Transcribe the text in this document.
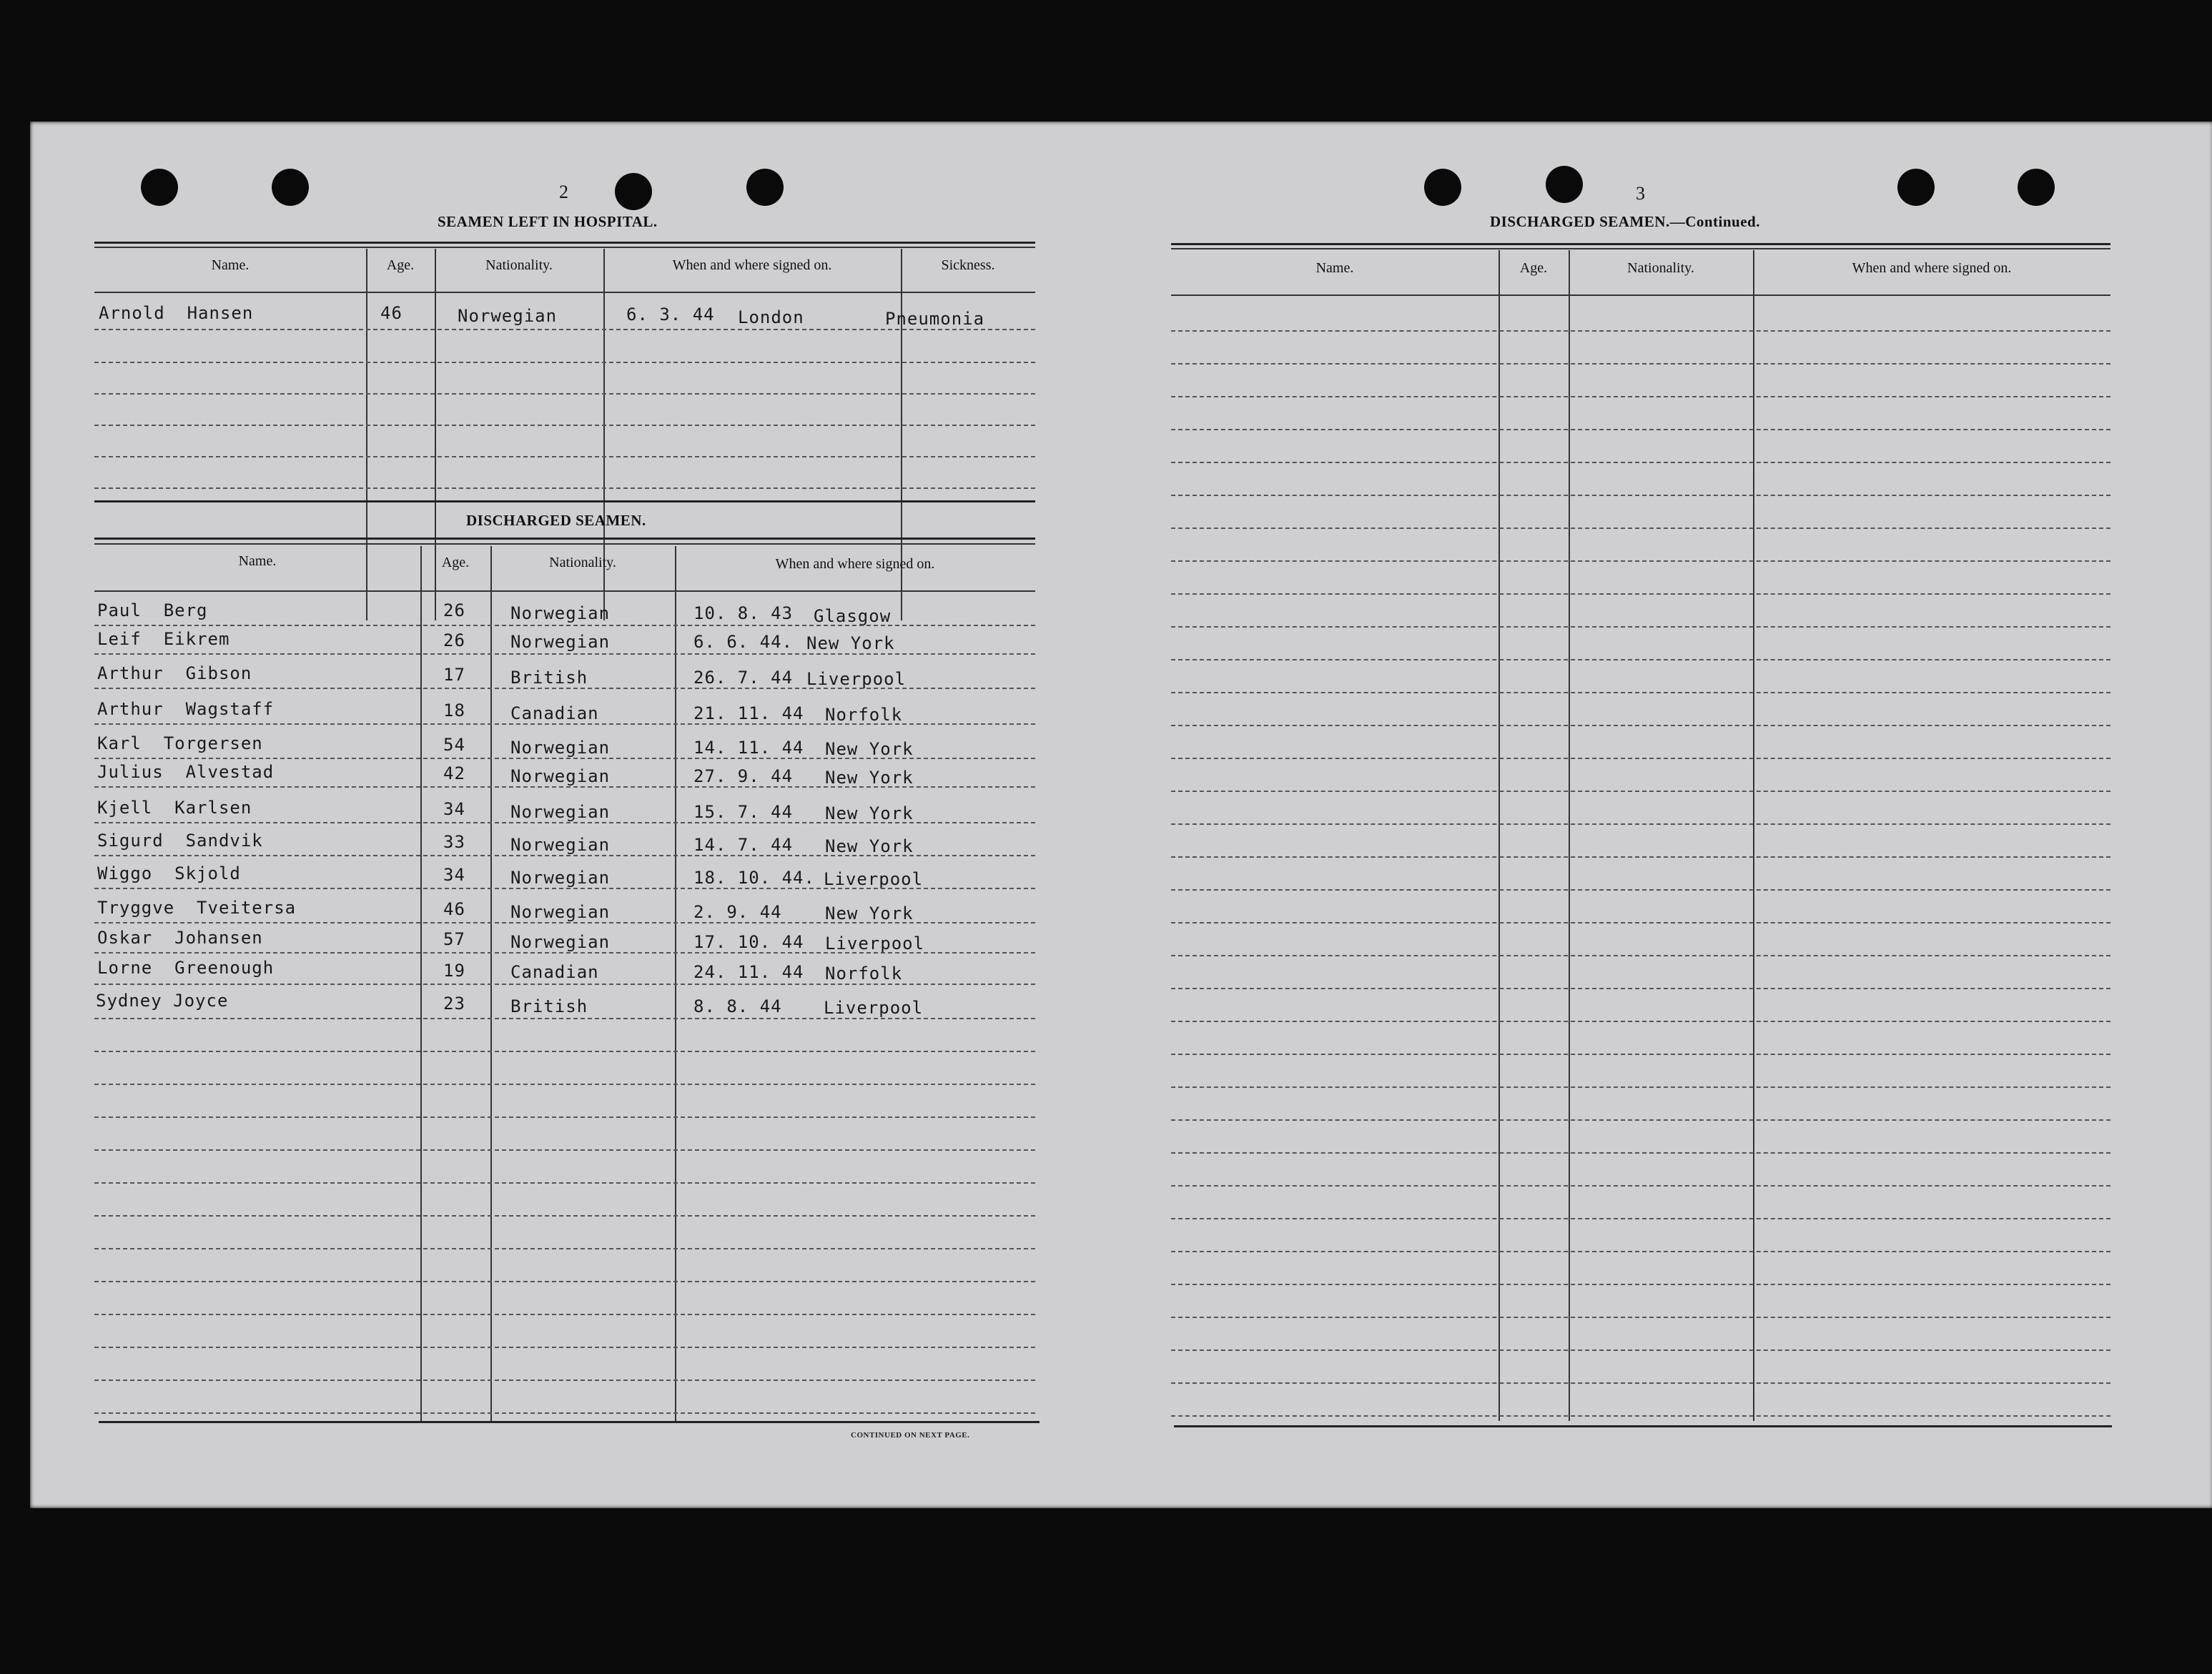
2
SEAMEN LEFT IN HOSPITAL.
Name.	Age.	Nationality.	When and where signed on.	Sickness.
Arnold  Hansen	46	Norwegian	6. 3. 44 London	Pneumonia
DISCHARGED SEAMEN.
Name.	Age.	Nationality.	When and where signed on.
Paul  Berg	26	Norwegian	10. 8. 43 Glasgow
Leif  Eikrem	26	Norwegian	6. 6. 44. New York
Arthur  Gibson	17	British	26. 7. 44 Liverpool
Arthur  Wagstaff	18	Canadian	21. 11. 44 Norfolk
Karl  Torgersen	54	Norwegian	14. 11. 44 New York
Julius  Alvestad	42	Norwegian	27. 9. 44 New York
Kjell  Karlsen	34	Norwegian	15. 7. 44 New York
Sigurd  Sandvik	33	Norwegian	14. 7. 44 New York
Wiggo  Skjold	34	Norwegian	18. 10. 44. Liverpool
Tryggve  Tveitersa	46	Norwegian	2. 9. 44	New York
Oskar  Johansen	57	Norwegian	17. 10. 44 Liverpool
Lorne  Greenough	19	Canadian	24. 11. 44 Norfolk
Sydney Joyce	23	British	8. 8. 44 Liverpool
CONTINUED ON NEXT PAGE.
3
DISCHARGED SEAMEN.—Continued.
Name.	Age.	Nationality.	When and where signed on.
